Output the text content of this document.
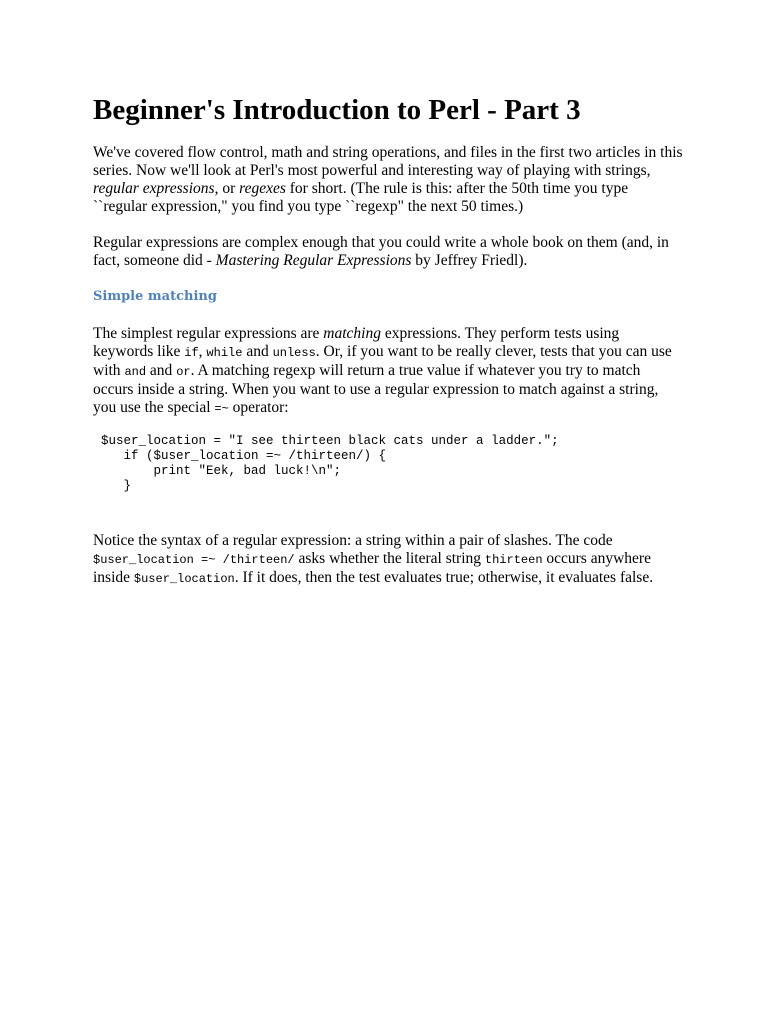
Beginner's Introduction to Perl - Part 3

We've covered flow control, math and string operations, and files in the first two articles in this series. Now we'll look at Perl's most powerful and interesting way of playing with strings, regular expressions, or regexes for short. (The rule is this: after the 50th time you type ``regular expression," you find you type ``regexp" the next 50 times.)

Regular expressions are complex enough that you could write a whole book on them (and, in fact, someone did - Mastering Regular Expressions by Jeffrey Friedl).

Simple matching

The simplest regular expressions are matching expressions. They perform tests using keywords like if, while and unless. Or, if you want to be really clever, tests that you can use with and and or. A matching regexp will return a true value if whatever you try to match occurs inside a string. When you want to use a regular expression to match against a string, you use the special =~ operator:

$user_location = "I see thirteen black cats under a ladder.";
if ($user_location =~ /thirteen/) {
print "Eek, bad luck!\n";
}

Notice the syntax of a regular expression: a string within a pair of slashes. The code $user_location =~ /thirteen/ asks whether the literal string thirteen occurs anywhere inside $user_location. If it does, then the test evaluates true; otherwise, it evaluates false.
